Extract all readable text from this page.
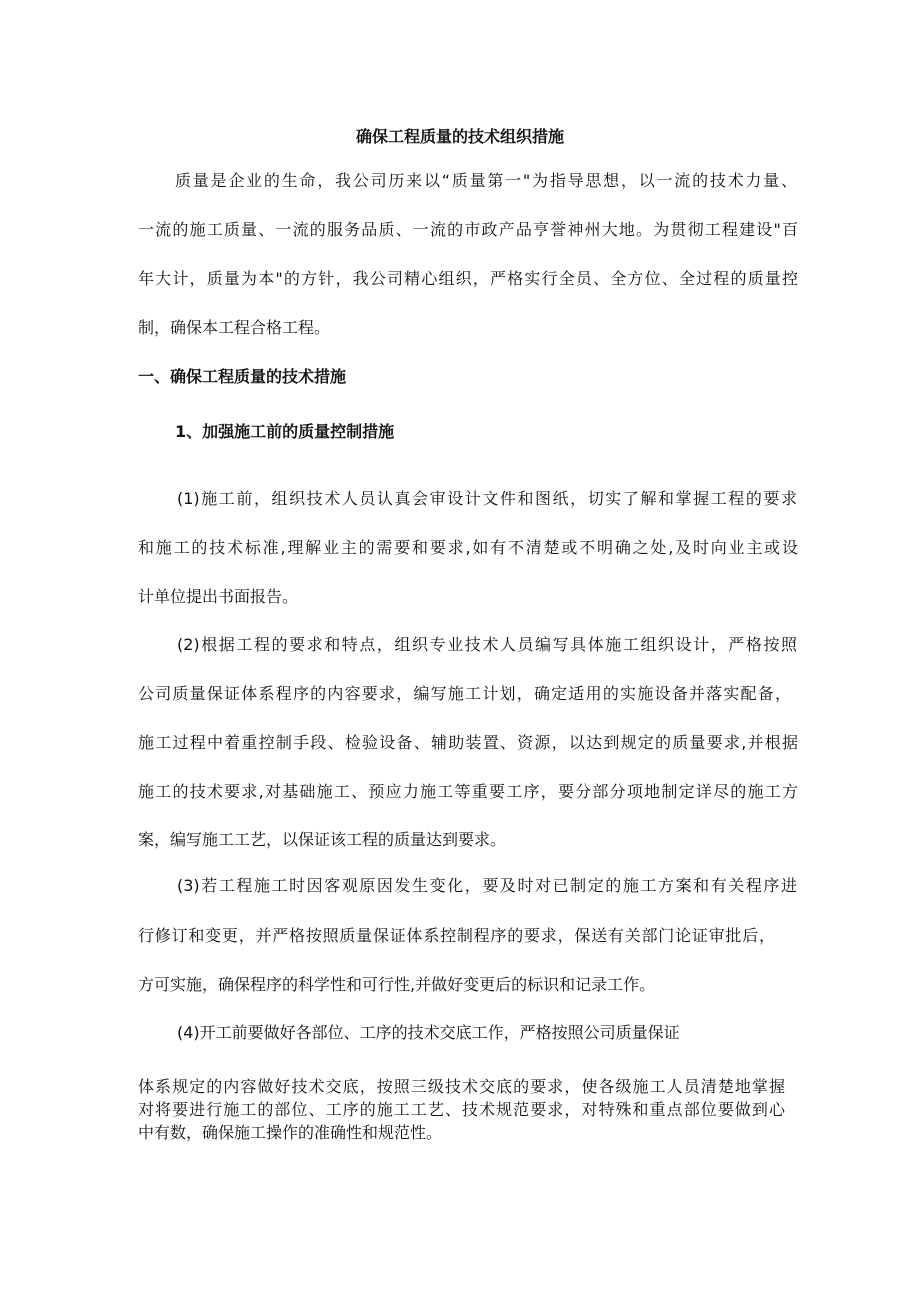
确保工程质量的技术组织措施
质量是企业的生命，我公司历来以“质量第一"为指导思想，以一流的技术力量、
一流的施工质量、一流的服务品质、一流的市政产品亨誉神州大地。为贯彻工程建设"百
年大计，质量为本"的方针，我公司精心组织，严格实行全员、全方位、全过程的质量控
制，确保本工程合格工程。
一、确保工程质量的技术措施
1、加强施工前的质量控制措施
(1)施工前，组织技术人员认真会审设计文件和图纸，切实了解和掌握工程的要求
和施工的技术标准,理解业主的需要和要求,如有不清楚或不明确之处,及时向业主或设
计单位提出书面报告。
(2)根据工程的要求和特点，组织专业技术人员编写具体施工组织设计，严格按照
公司质量保证体系程序的内容要求，编写施工计划，确定适用的实施设备并落实配备，
施工过程中着重控制手段、检验设备、辅助装置、资源，以达到规定的质量要求,并根据
施工的技术要求,对基础施工、预应力施工等重要工序，要分部分项地制定详尽的施工方
案，编写施工工艺，以保证该工程的质量达到要求。
(3)若工程施工时因客观原因发生变化，要及时对已制定的施工方案和有关程序进
行修订和变更，并严格按照质量保证体系控制程序的要求，保送有关部门论证审批后，
方可实施，确保程序的科学性和可行性,并做好变更后的标识和记录工作。
(4)开工前要做好各部位、工序的技术交底工作，严格按照公司质量保证
体系规定的内容做好技术交底，按照三级技术交底的要求，使各级施工人员清楚地掌握
对将要进行施工的部位、工序的施工工艺、技术规范要求，对特殊和重点部位要做到心
中有数，确保施工操作的准确性和规范性。
